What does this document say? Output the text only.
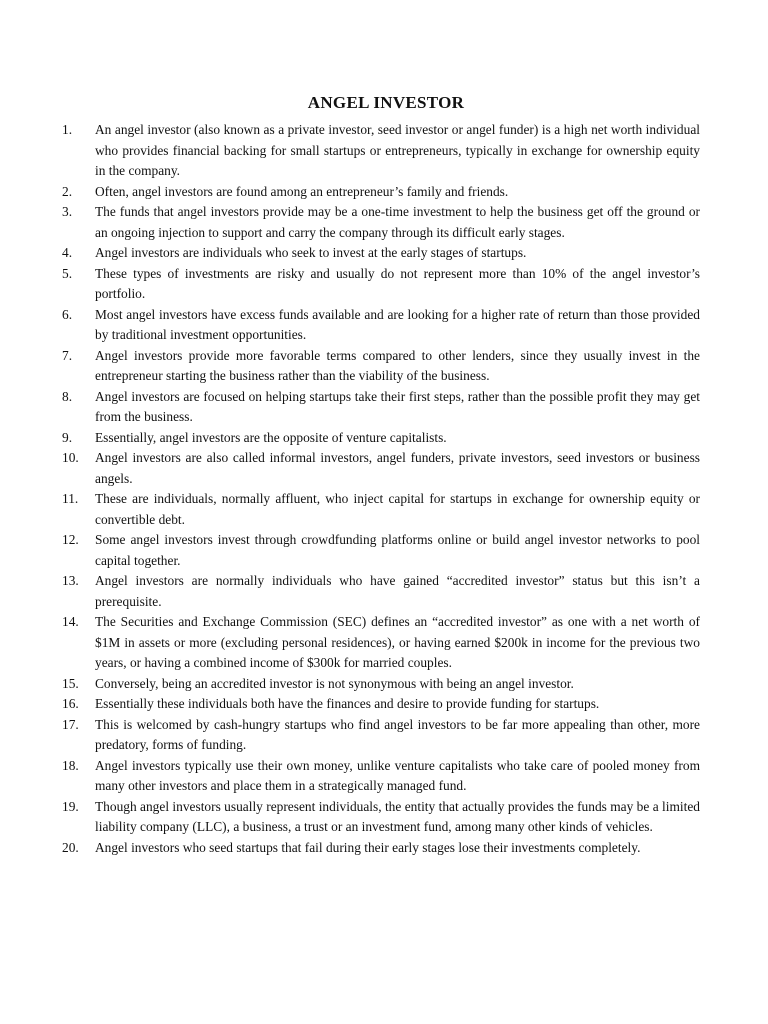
ANGEL INVESTOR
1.	An angel investor (also known as a private investor, seed investor or angel funder) is a high net worth individual who provides financial backing for small startups or entrepreneurs, typically in exchange for ownership equity in the company.
2.	Often, angel investors are found among an entrepreneur’s family and friends.
3.	The funds that angel investors provide may be a one-time investment to help the business get off the ground or an ongoing injection to support and carry the company through its difficult early stages.
4.	Angel investors are individuals who seek to invest at the early stages of startups.
5.	These types of investments are risky and usually do not represent more than 10% of the angel investor’s portfolio.
6.	Most angel investors have excess funds available and are looking for a higher rate of return than those provided by traditional investment opportunities.
7.	Angel investors provide more favorable terms compared to other lenders, since they usually invest in the entrepreneur starting the business rather than the viability of the business.
8.	Angel investors are focused on helping startups take their first steps, rather than the possible profit they may get from the business.
9.	Essentially, angel investors are the opposite of venture capitalists.
10.	Angel investors are also called informal investors, angel funders, private investors, seed investors or business angels.
11.	These are individuals, normally affluent, who inject capital for startups in exchange for ownership equity or convertible debt.
12.	Some angel investors invest through crowdfunding platforms online or build angel investor networks to pool capital together.
13.	Angel investors are normally individuals who have gained “accredited investor” status but this isn’t a prerequisite.
14.	The Securities and Exchange Commission (SEC) defines an “accredited investor” as one with a net worth of $1M in assets or more (excluding personal residences), or having earned $200k in income for the previous two years, or having a combined income of $300k for married couples.
15.	Conversely, being an accredited investor is not synonymous with being an angel investor.
16.	Essentially these individuals both have the finances and desire to provide funding for startups.
17.	This is welcomed by cash-hungry startups who find angel investors to be far more appealing than other, more predatory, forms of funding.
18.	Angel investors typically use their own money, unlike venture capitalists who take care of pooled money from many other investors and place them in a strategically managed fund.
19.	Though angel investors usually represent individuals, the entity that actually provides the funds may be a limited liability company (LLC), a business, a trust or an investment fund, among many other kinds of vehicles.
20.	Angel investors who seed startups that fail during their early stages lose their investments completely.
